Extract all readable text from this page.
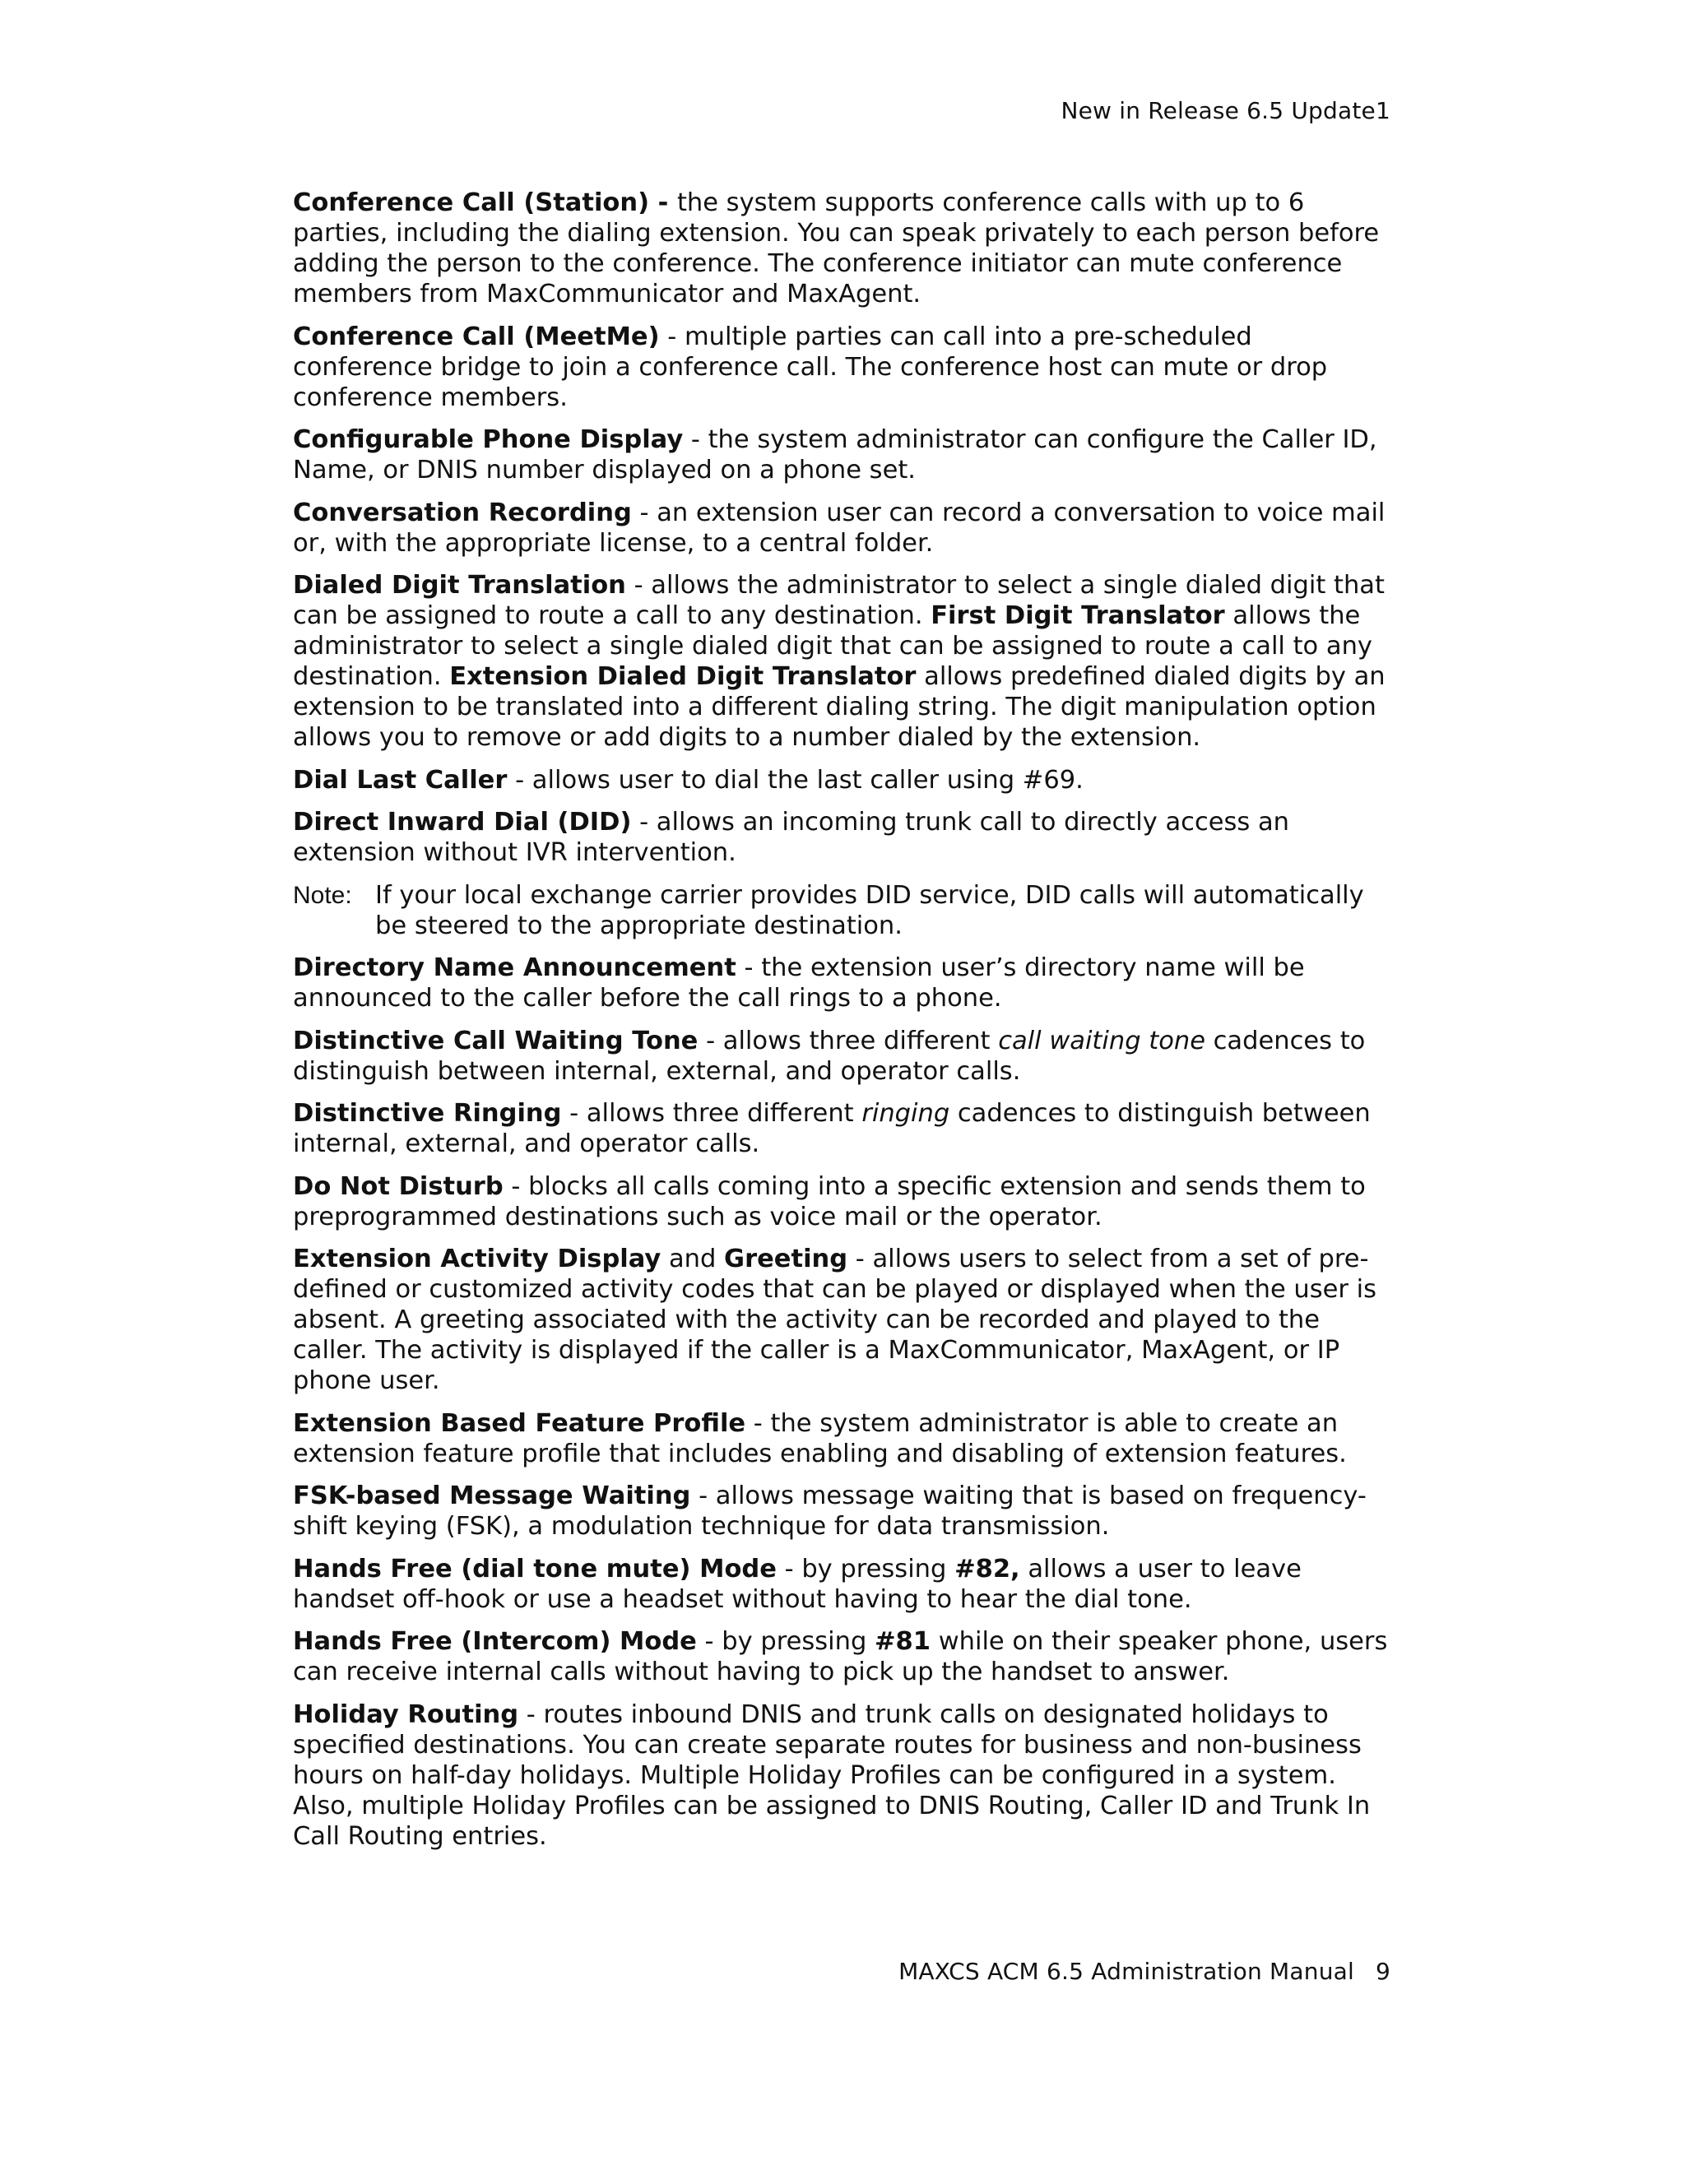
New in Release 6.5 Update1

Conference Call (Station) - the system supports conference calls with up to 6 parties, including the dialing extension. You can speak privately to each person before adding the person to the conference. The conference initiator can mute conference members from MaxCommunicator and MaxAgent.

Conference Call (MeetMe) - multiple parties can call into a pre-scheduled conference bridge to join a conference call. The conference host can mute or drop conference members.

Configurable Phone Display - the system administrator can configure the Caller ID, Name, or DNIS number displayed on a phone set.

Conversation Recording - an extension user can record a conversation to voice mail or, with the appropriate license, to a central folder.

Dialed Digit Translation - allows the administrator to select a single dialed digit that can be assigned to route a call to any destination. First Digit Translator allows the administrator to select a single dialed digit that can be assigned to route a call to any destination. Extension Dialed Digit Translator allows predefined dialed digits by an extension to be translated into a different dialing string. The digit manipulation option allows you to remove or add digits to a number dialed by the extension.

Dial Last Caller - allows user to dial the last caller using #69.

Direct Inward Dial (DID) - allows an incoming trunk call to directly access an extension without IVR intervention.

Note: If your local exchange carrier provides DID service, DID calls will automatically be steered to the appropriate destination.

Directory Name Announcement - the extension user’s directory name will be announced to the caller before the call rings to a phone.

Distinctive Call Waiting Tone - allows three different call waiting tone cadences to distinguish between internal, external, and operator calls.

Distinctive Ringing - allows three different ringing cadences to distinguish between internal, external, and operator calls.

Do Not Disturb - blocks all calls coming into a specific extension and sends them to preprogrammed destinations such as voice mail or the operator.

Extension Activity Display and Greeting - allows users to select from a set of pre-defined or customized activity codes that can be played or displayed when the user is absent. A greeting associated with the activity can be recorded and played to the caller. The activity is displayed if the caller is a MaxCommunicator, MaxAgent, or IP phone user.

Extension Based Feature Profile - the system administrator is able to create an extension feature profile that includes enabling and disabling of extension features.

FSK-based Message Waiting - allows message waiting that is based on frequency-shift keying (FSK), a modulation technique for data transmission.

Hands Free (dial tone mute) Mode - by pressing #82, allows a user to leave handset off-hook or use a headset without having to hear the dial tone.

Hands Free (Intercom) Mode - by pressing #81 while on their speaker phone, users can receive internal calls without having to pick up the handset to answer.

Holiday Routing - routes inbound DNIS and trunk calls on designated holidays to specified destinations. You can create separate routes for business and non-business hours on half-day holidays. Multiple Holiday Profiles can be configured in a system. Also, multiple Holiday Profiles can be assigned to DNIS Routing, Caller ID and Trunk In Call Routing entries.

MAXCS ACM 6.5 Administration Manual 9
